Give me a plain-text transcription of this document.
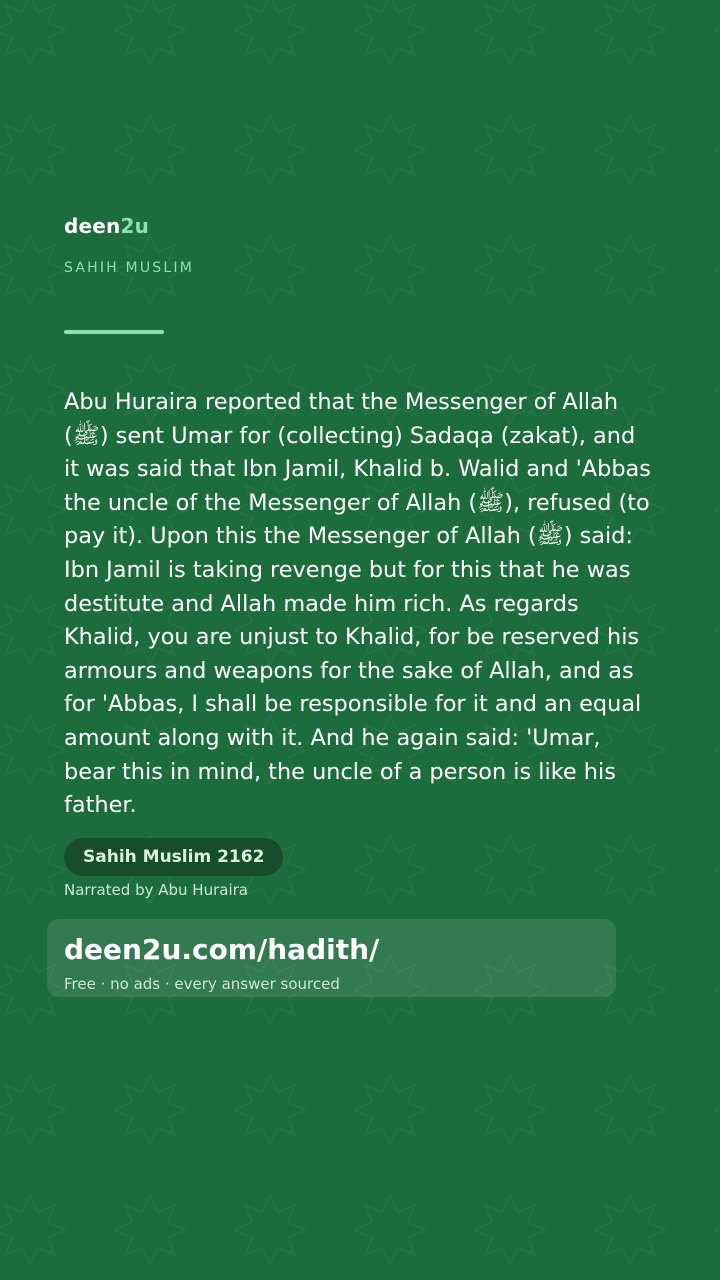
deen2u
SAHIH MUSLIM
Abu Huraira reported that the Messenger of Allah (ﷺ) sent Umar for (collecting) Sadaqa (zakat), and it was said that Ibn Jamil, Khalid b. Walid and 'Abbas the uncle of the Messenger of Allah (ﷺ), refused (to pay it). Upon this the Messenger of Allah (ﷺ) said: Ibn Jamil is taking revenge but for this that he was destitute and Allah made him rich. As regards Khalid, you are unjust to Khalid, for be reserved his armours and weapons for the sake of Allah, and as for 'Abbas, I shall be responsible for it and an equal amount along with it. And he again said: 'Umar, bear this in mind, the uncle of a person is like his father.
Sahih Muslim 2162
Narrated by Abu Huraira
deen2u.com/hadith/
Free · no ads · every answer sourced
